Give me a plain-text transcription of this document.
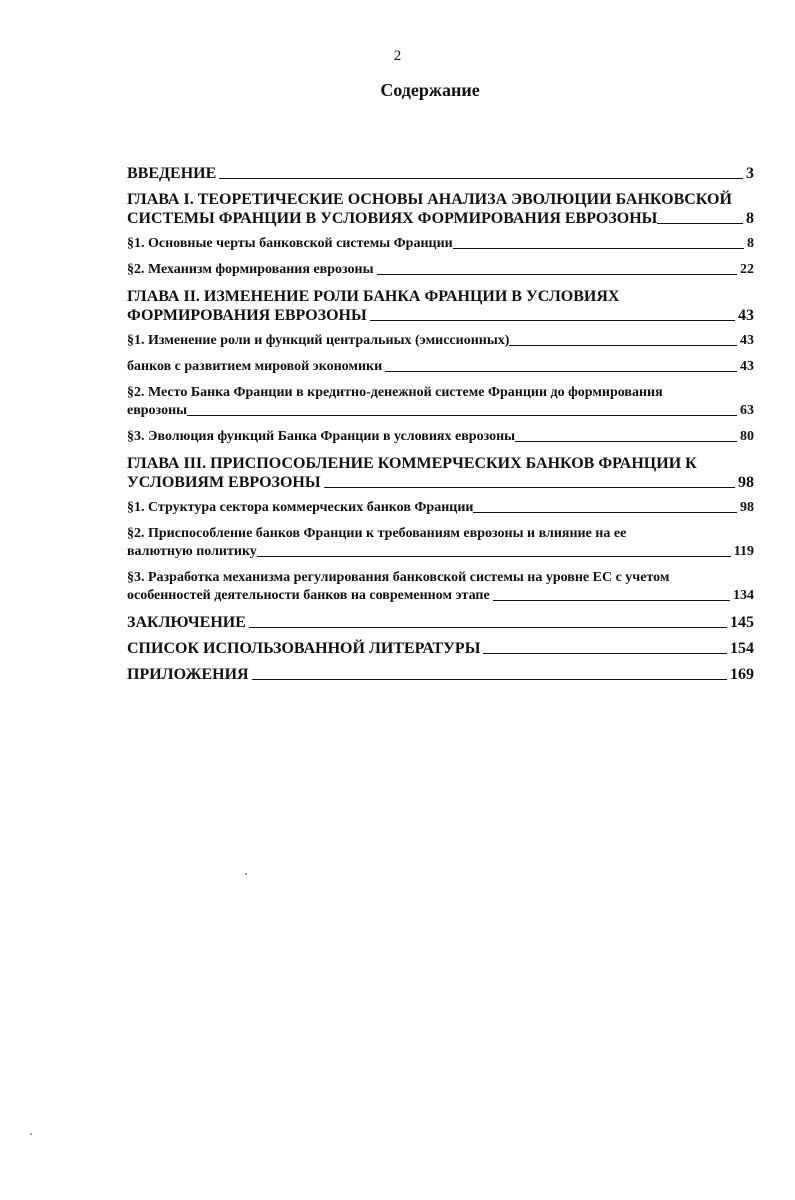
2
Содержание
ВВЕДЕНИЕ	3
ГЛАВА I. ТЕОРЕТИЧЕСКИЕ ОСНОВЫ АНАЛИЗА ЭВОЛЮЦИИ БАНКОВСКОЙ
СИСТЕМЫ ФРАНЦИИ В УСЛОВИЯХ ФОРМИРОВАНИЯ ЕВРОЗОНЫ	8
§1. Основные черты банковской системы Франции	8
§2. Механизм формирования еврозоны	22
ГЛАВА II. ИЗМЕНЕНИЕ РОЛИ БАНКА ФРАНЦИИ В УСЛОВИЯХ
ФОРМИРОВАНИЯ ЕВРОЗОНЫ	43
§1. Изменение роли и функций центральных (эмиссионных)	43
банков с развитием мировой экономики	43
§2. Место Банка Франции в кредитно-денежной системе Франции до формирования
еврозоны	63
§3. Эволюция функций Банка Франции в условиях еврозоны	80
ГЛАВА III. ПРИСПОСОБЛЕНИЕ КОММЕРЧЕСКИХ БАНКОВ ФРАНЦИИ К
УСЛОВИЯМ ЕВРОЗОНЫ	98
§1. Структура сектора коммерческих банков Франции	98
§2. Приспособление банков Франции к требованиям еврозоны и влияние на ее
валютную политику	119
§3. Разработка механизма регулирования банковской системы на уровне ЕС с учетом
особенностей деятельности банков на современном этапе	134
ЗАКЛЮЧЕНИЕ	145
СПИСОК ИСПОЛЬЗОВАННОЙ ЛИТЕРАТУРЫ	154
ПРИЛОЖЕНИЯ	169
